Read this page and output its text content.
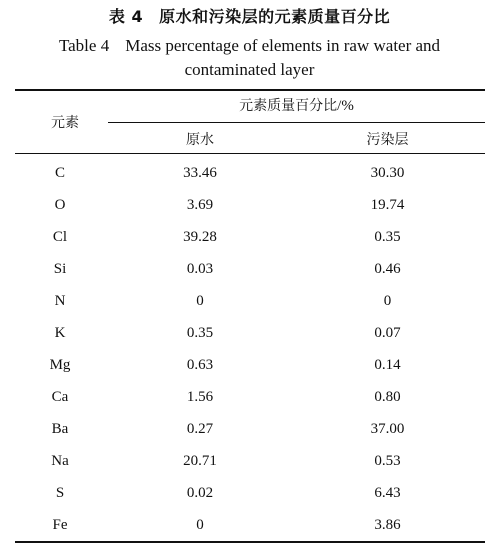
表 4 原水和污染层的元素质量百分比
Table 4 Mass percentage of elements in raw water and contaminated layer
元素
元素质量百分比/%
原水	污染层
C	33.46	30.30
O	3.69	19.74
Cl	39.28	0.35
Si	0.03	0.46
N	0	0
K	0.35	0.07
Mg	0.63	0.14
Ca	1.56	0.80
Ba	0.27	37.00
Na	20.71	0.53
S	0.02	6.43
Fe	0	3.86
